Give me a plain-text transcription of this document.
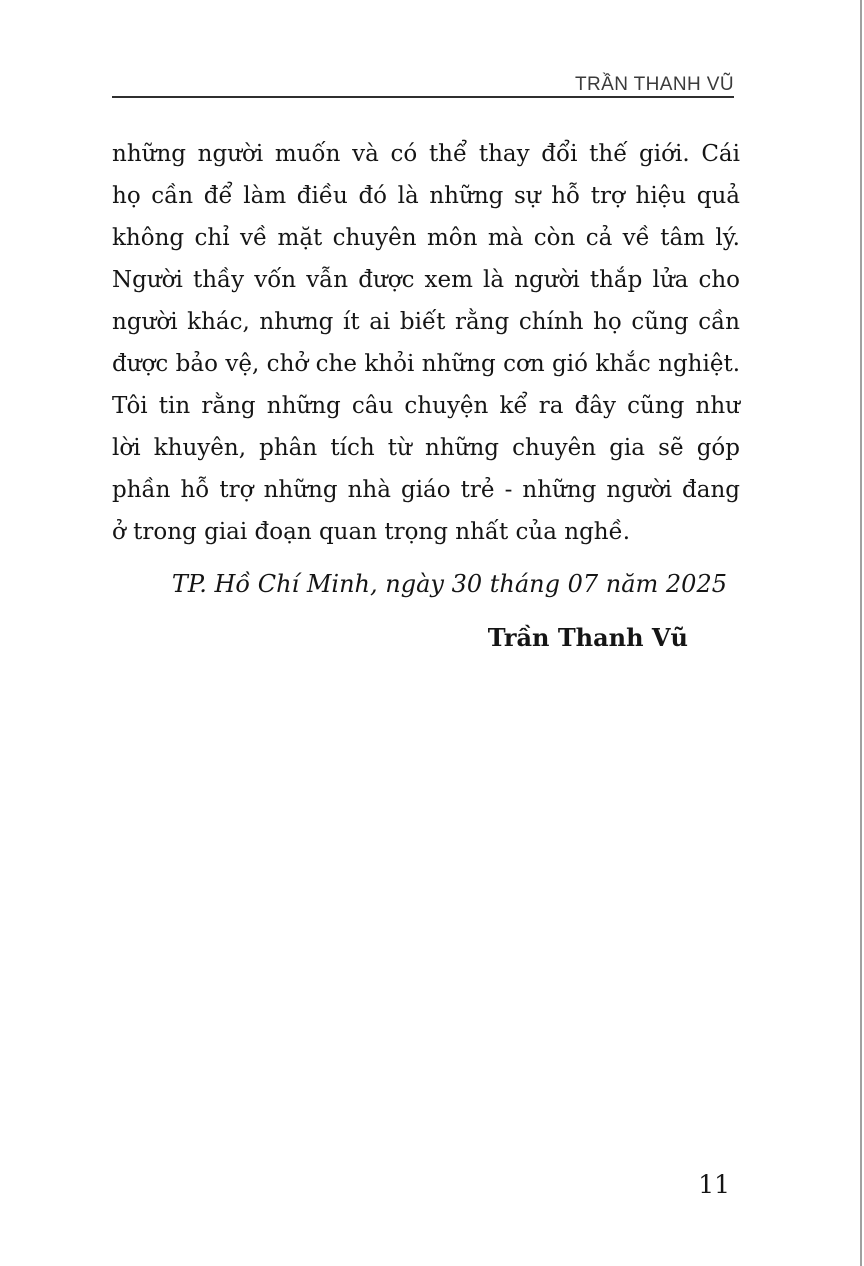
TRẦN THANH VŨ
những người muốn và có thể thay đổi thế giới. Cái
họ cần để làm điều đó là những sự hỗ trợ hiệu quả
không chỉ về mặt chuyên môn mà còn cả về tâm lý.
Người thầy vốn vẫn được xem là người thắp lửa cho
người khác, nhưng ít ai biết rằng chính họ cũng cần
được bảo vệ, chở che khỏi những cơn gió khắc nghiệt.
Tôi tin rằng những câu chuyện kể ra đây cũng như
lời khuyên, phân tích từ những chuyên gia sẽ góp
phần hỗ trợ những nhà giáo trẻ - những người đang
ở trong giai đoạn quan trọng nhất của nghề.
TP. Hồ Chí Minh, ngày 30 tháng 07 năm 2025
Trần Thanh Vũ
11
